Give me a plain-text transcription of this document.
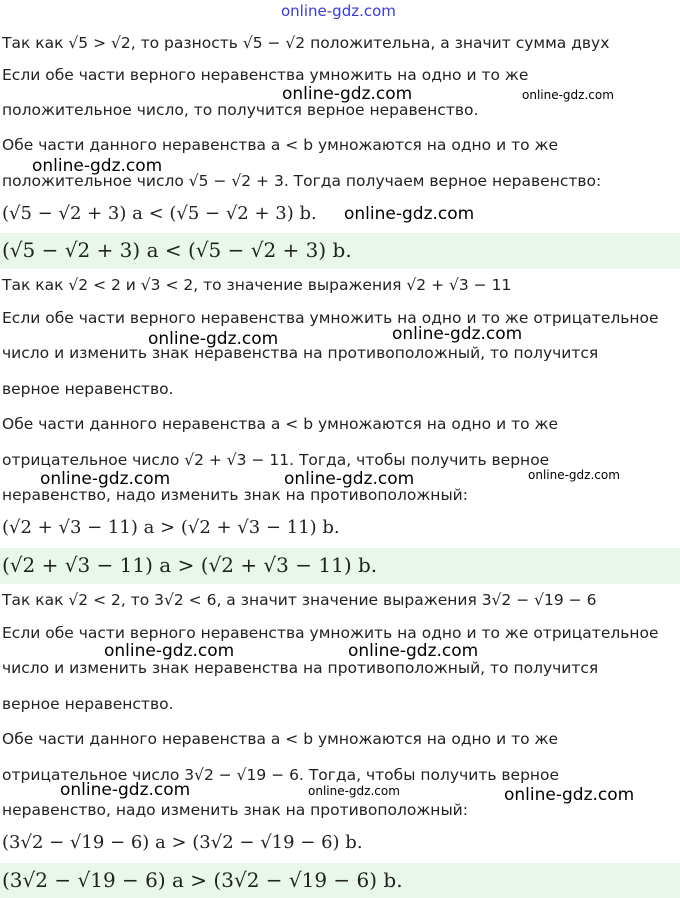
Так как √5 > √2, то разность √5 − √2 положительна, а значит сумма двух
Если обе части верного неравенства умножить на одно и то же
положительное число, то получится верное неравенство.
Обе части данного неравенства a < b умножаются на одно и то же
положительное число √5 − √2 + 3. Тогда получаем верное неравенство:
(√5 − √2 + 3) a < (√5 − √2 + 3) b.
(√5 − √2 + 3) a < (√5 − √2 + 3) b.
Так как √2 < 2 и √3 < 2, то значение выражения √2 + √3 − 11
Если обе части верного неравенства умножить на одно и то же отрицательное
число и изменить знак неравенства на противоположный, то получится
верное неравенство.
Обе части данного неравенства a < b умножаются на одно и то же
отрицательное число √2 + √3 − 11. Тогда, чтобы получить верное
неравенство, надо изменить знак на противоположный:
(√2 + √3 − 11) a > (√2 + √3 − 11) b.
(√2 + √3 − 11) a > (√2 + √3 − 11) b.
Так как √2 < 2, то 3√2 < 6, а значит значение выражения 3√2 − √19 − 6
Если обе части верного неравенства умножить на одно и то же отрицательное
число и изменить знак неравенства на противоположный, то получится
верное неравенство.
Обе части данного неравенства a < b умножаются на одно и то же
отрицательное число 3√2 − √19 − 6. Тогда, чтобы получить верное
неравенство, надо изменить знак на противоположный:
(3√2 − √19 − 6) a > (3√2 − √19 − 6) b.
(3√2 − √19 − 6) a > (3√2 − √19 − 6) b.
online-gdz.com
online-gdz.com	online-gdz.com
online-gdz.com
online-gdz.com
online-gdz.com
online-gdz.com
online-gdz.com
online-gdz.com	online-gdz.com
online-gdz.com	online-gdz.com
online-gdz.com	online-gdz.com	online-gdz.com
